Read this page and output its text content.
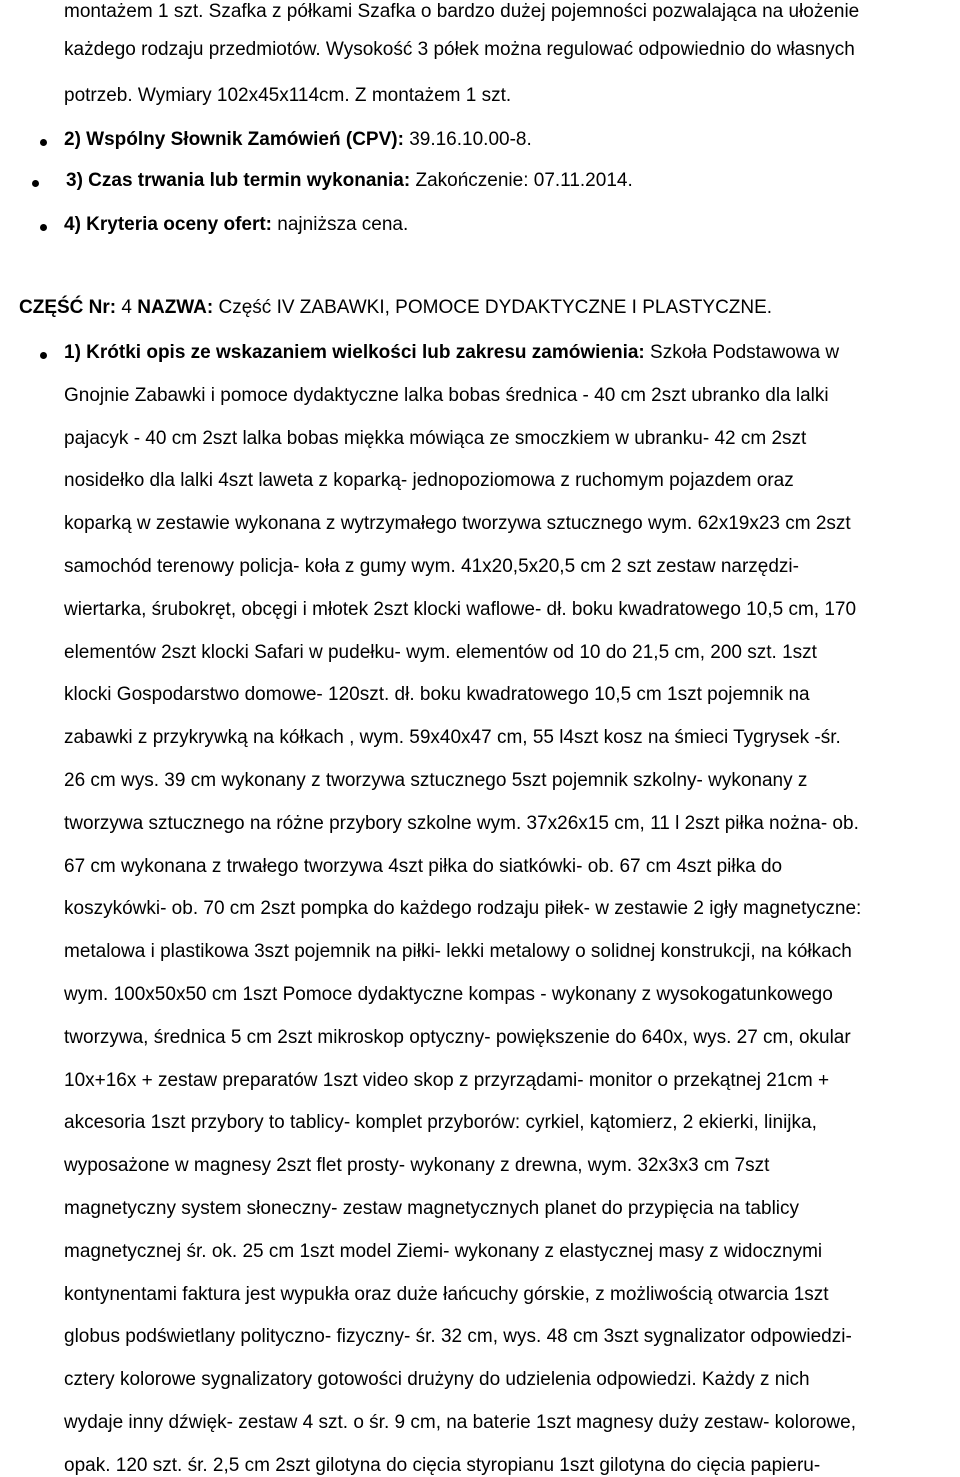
montażem 1 szt. Szafka z półkami Szafka o bardzo dużej pojemności pozwalająca na ułożenie
każdego rodzaju przedmiotów. Wysokość 3 półek można regulować odpowiednio do własnych
potrzeb. Wymiary 102x45x114cm. Z montażem 1 szt.
2) Wspólny Słownik Zamówień (CPV): 39.16.10.00-8.
3) Czas trwania lub termin wykonania: Zakończenie: 07.11.2014.
4) Kryteria oceny ofert: najniższa cena.
CZĘŚĆ Nr: 4 NAZWA: Część IV ZABAWKI, POMOCE DYDAKTYCZNE I PLASTYCZNE.
1) Krótki opis ze wskazaniem wielkości lub zakresu zamówienia: Szkoła Podstawowa w
Gnojnie Zabawki i pomoce dydaktyczne lalka bobas średnica - 40 cm 2szt ubranko dla lalki
pajacyk - 40 cm 2szt lalka bobas miękka mówiąca ze smoczkiem w ubranku- 42 cm 2szt
nosidełko dla lalki 4szt laweta z koparką- jednopoziomowa z ruchomym pojazdem oraz
koparką w zestawie wykonana z wytrzymałego tworzywa sztucznego wym. 62x19x23 cm 2szt
samochód terenowy policja- koła z gumy wym. 41x20,5x20,5 cm 2 szt zestaw narzędzi-
wiertarka, śrubokręt, obcęgi i młotek 2szt klocki waflowe- dł. boku kwadratowego 10,5 cm, 170
elementów 2szt klocki Safari w pudełku- wym. elementów od 10 do 21,5 cm, 200 szt. 1szt
klocki Gospodarstwo domowe- 120szt. dł. boku kwadratowego 10,5 cm 1szt pojemnik na
zabawki z przykrywką na kółkach , wym. 59x40x47 cm, 55 l4szt kosz na śmieci Tygrysek -śr.
26 cm wys. 39 cm wykonany z tworzywa sztucznego 5szt pojemnik szkolny- wykonany z
tworzywa sztucznego na różne przybory szkolne wym. 37x26x15 cm, 11 l 2szt piłka nożna- ob.
67 cm wykonana z trwałego tworzywa 4szt piłka do siatkówki- ob. 67 cm 4szt piłka do
koszykówki- ob. 70 cm 2szt pompka do każdego rodzaju piłek- w zestawie 2 igły magnetyczne:
metalowa i plastikowa 3szt pojemnik na piłki- lekki metalowy o solidnej konstrukcji, na kółkach
wym. 100x50x50 cm 1szt Pomoce dydaktyczne kompas - wykonany z wysokogatunkowego
tworzywa, średnica 5 cm 2szt mikroskop optyczny- powiększenie do 640x, wys. 27 cm, okular
10x+16x + zestaw preparatów 1szt video skop z przyrządami- monitor o przekątnej 21cm +
akcesoria 1szt przybory to tablicy- komplet przyborów: cyrkiel, kątomierz, 2 ekierki, linijka,
wyposażone w magnesy 2szt flet prosty- wykonany z drewna, wym. 32x3x3 cm 7szt
magnetyczny system słoneczny- zestaw magnetycznych planet do przypięcia na tablicy
magnetycznej śr. ok. 25 cm 1szt model Ziemi- wykonany z elastycznej masy z widocznymi
kontynentami faktura jest wypukła oraz duże łańcuchy górskie, z możliwością otwarcia 1szt
globus podświetlany polityczno- fizyczny- śr. 32 cm, wys. 48 cm 3szt sygnalizator odpowiedzi-
cztery kolorowe sygnalizatory gotowości drużyny do udzielenia odpowiedzi. Każdy z nich
wydaje inny dźwięk- zestaw 4 szt. o śr. 9 cm, na baterie 1szt magnesy duży zestaw- kolorowe,
opak. 120 szt. śr. 2,5 cm 2szt gilotyna do cięcia styropianu 1szt gilotyna do cięcia papieru-
